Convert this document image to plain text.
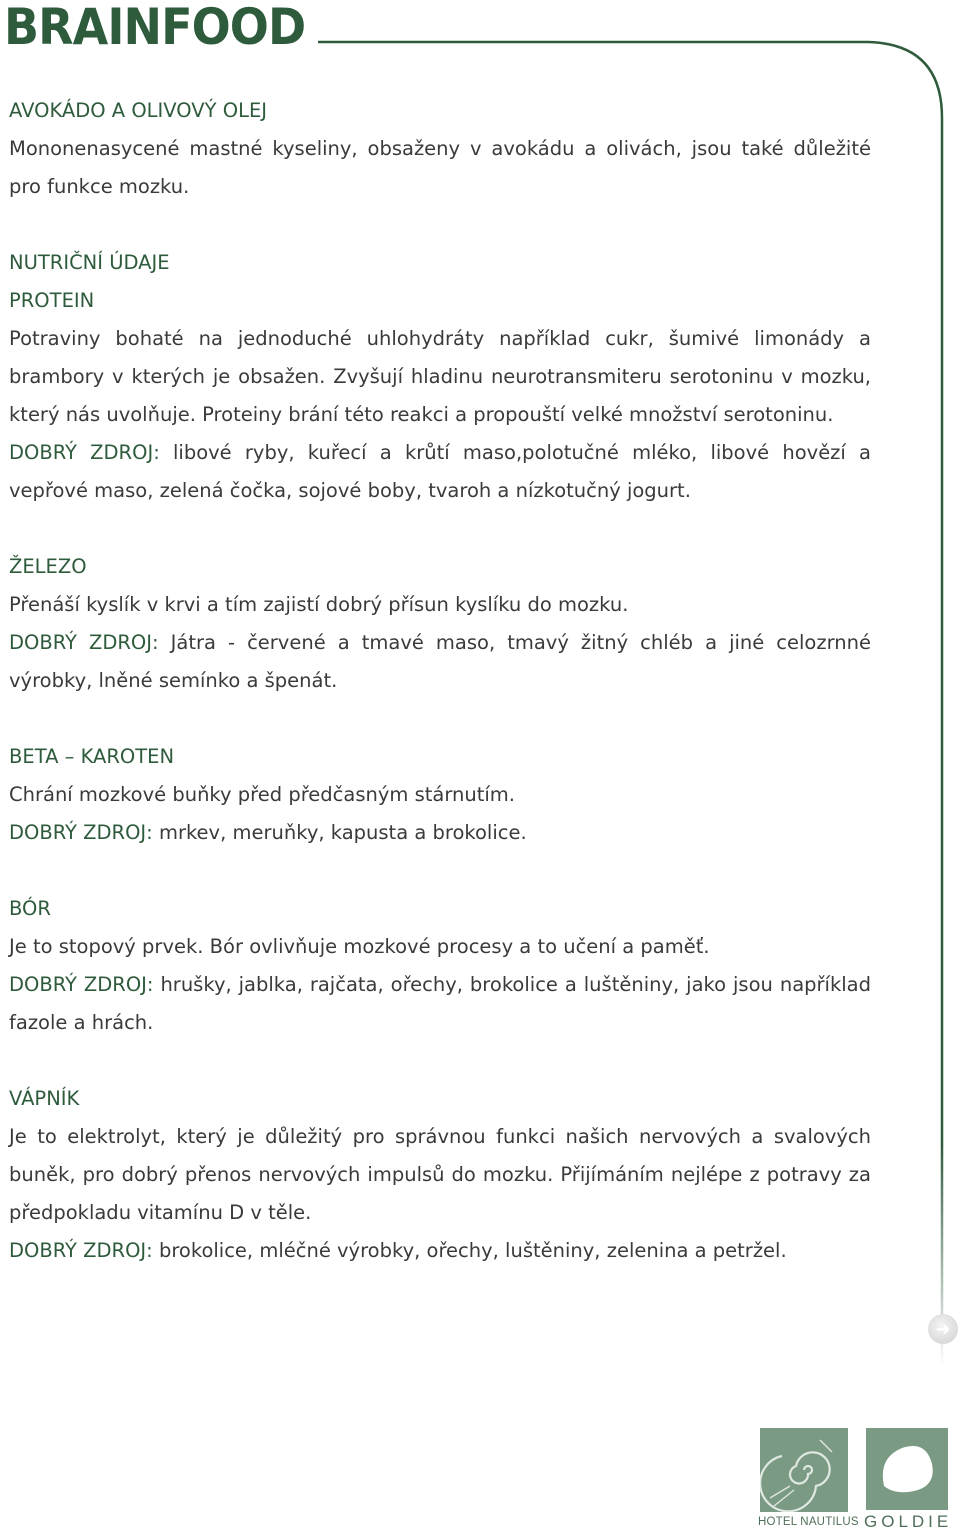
BRAINFOOD

AVOKÁDO A OLIVOVÝ OLEJ

Mononenasycené mastné kyseliny, obsaženy v avokádu a olivách, jsou také důležité pro funkce mozku.

NUTRIČNÍ ÚDAJE

PROTEIN

Potraviny bohaté na jednoduché uhlohydráty například cukr, šumivé limonády a brambory v kterých je obsažen. Zvyšují hladinu neurotransmiteru serotoninu v mozku, který nás uvolňuje. Proteiny brání této reakci a propouští velké množství serotoninu.

DOBRÝ ZDROJ: libové ryby, kuřecí a krůtí maso,polotučné mléko, libové hovězí a vepřové maso, zelená čočka, sojové boby, tvaroh a nízkotučný jogurt.

ŽELEZO

Přenáší kyslík v krvi a tím zajistí dobrý přísun kyslíku do mozku.

DOBRÝ ZDROJ: Játra - červené a tmavé maso, tmavý žitný chléb a jiné celozrnné výrobky, lněné semínko a špenát.

BETA – KAROTEN

Chrání mozkové buňky před předčasným stárnutím.

DOBRÝ ZDROJ: mrkev, meruňky, kapusta a brokolice.

BÓR

Je to stopový prvek. Bór ovlivňuje mozkové procesy a to učení a paměť.

DOBRÝ ZDROJ: hrušky, jablka, rajčata, ořechy, brokolice a luštěniny, jako jsou například fazole a hrách.

VÁPNÍK

Je to elektrolyt, který je důležitý pro správnou funkci našich nervových a svalových buněk, pro dobrý přenos nervových impulsů do mozku. Přijímáním nejlépe z potravy za předpokladu vitamínu D v těle.

DOBRÝ ZDROJ: brokolice, mléčné výrobky, ořechy, luštěniny, zelenina a petržel.

➜
HOTEL NAUTILUS GOLDIE
